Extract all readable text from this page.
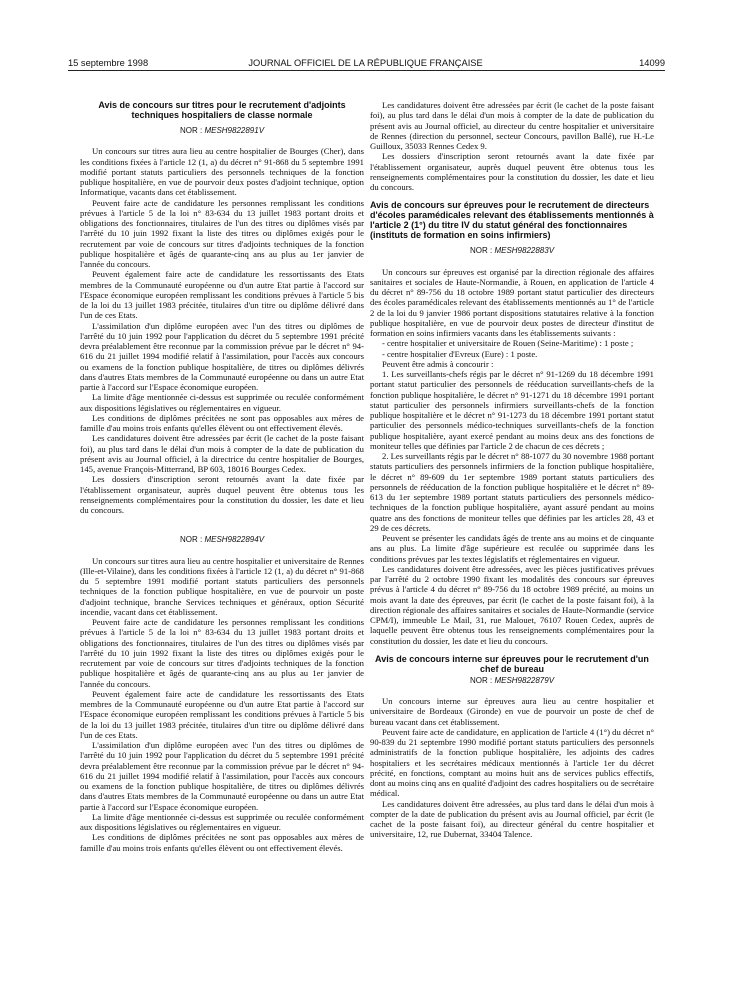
15 septembre 1998	JOURNAL OFFICIEL DE LA RÉPUBLIQUE FRANÇAISE	14099
Avis de concours sur titres pour le recrutement d'adjoints techniques hospitaliers de classe normale
NOR : MESH9822891V

Un concours sur titres aura lieu au centre hospitalier de Bourges (Cher), dans les conditions fixées à l'article 12 (1, a) du décret n° 91-868 du 5 septembre 1991 modifié portant statuts particuliers des personnels techniques de la fonction publique hospitalière, en vue de pourvoir deux postes d'adjoint technique, option Informatique, vacants dans cet établissement.

Peuvent faire acte de candidature les personnes remplissant les conditions prévues à l'article 5 de la loi n° 83-634 du 13 juillet 1983 portant droits et obligations des fonctionnaires, titulaires de l'un des titres ou diplômes visés par l'arrêté du 10 juin 1992 fixant la liste des titres ou diplômes exigés pour le recrutement par voie de concours sur titres d'adjoints techniques de la fonction publique hospitalière et âgés de quarante-cinq ans au plus au 1er janvier de l'année du concours.

Peuvent également faire acte de candidature les ressortissants des Etats membres de la Communauté européenne ou d'un autre Etat partie à l'accord sur l'Espace économique européen remplissant les conditions prévues à l'article 5 bis de la loi du 13 juillet 1983 précitée, titulaires d'un titre ou diplôme délivré dans l'un de ces Etats.

L'assimilation d'un diplôme européen avec l'un des titres ou diplômes de l'arrêté du 10 juin 1992 pour l'application du décret du 5 septembre 1991 précité devra préalablement être reconnue par la commission prévue par le décret n° 94-616 du 21 juillet 1994 modifié relatif à l'assimilation, pour l'accès aux concours ou examens de la fonction publique hospitalière, de titres ou diplômes délivrés dans d'autres Etats membres de la Communauté européenne ou dans un autre Etat partie à l'accord sur l'Espace économique européen.

La limite d'âge mentionnée ci-dessus est supprimée ou reculée conformément aux dispositions législatives ou réglementaires en vigueur.

Les conditions de diplômes précitées ne sont pas opposables aux mères de famille d'au moins trois enfants qu'elles élèvent ou ont effectivement élevés.

Les candidatures doivent être adressées par écrit (le cachet de la poste faisant foi), au plus tard dans le délai d'un mois à compter de la date de publication du présent avis au Journal officiel, à la directrice du centre hospitalier de Bourges, 145, avenue François-Mitterrand, BP 603, 18016 Bourges Cedex.

Les dossiers d'inscription seront retournés avant la date fixée par l'établissement organisateur, auprès duquel peuvent être obtenus tous les renseignements complémentaires pour la constitution du dossier, les date et lieu du concours.

NOR : MESH9822894V

Un concours sur titres aura lieu au centre hospitalier et universitaire de Rennes (Ille-et-Vilaine), dans les conditions fixées à l'article 12 (1, a) du décret n° 91-868 du 5 septembre 1991 modifié portant statuts particuliers des personnels techniques de la fonction publique hospitalière, en vue de pourvoir un poste d'adjoint technique, branche Services techniques et généraux, option Sécurité incendie, vacant dans cet établissement.

Peuvent faire acte de candidature les personnes remplissant les conditions prévues à l'article 5 de la loi n° 83-634 du 13 juillet 1983 portant droits et obligations des fonctionnaires, titulaires de l'un des titres ou diplômes visés par l'arrêté du 10 juin 1992 fixant la liste des titres ou diplômes exigés pour le recrutement par voie de concours sur titres d'adjoints techniques de la fonction publique hospitalière et âgés de quarante-cinq ans au plus au 1er janvier de l'année du concours.

Peuvent également faire acte de candidature les ressortissants des Etats membres de la Communauté européenne ou d'un autre Etat partie à l'accord sur l'Espace économique européen remplissant les conditions prévues à l'article 5 bis de la loi du 13 juillet 1983 précitée, titulaires d'un titre ou diplôme délivré dans l'un de ces Etats.

L'assimilation d'un diplôme européen avec l'un des titres ou diplômes de l'arrêté du 10 juin 1992 pour l'application du décret du 5 septembre 1991 précité devra préalablement être reconnue par la commission prévue par le décret n° 94-616 du 21 juillet 1994 modifié relatif à l'assimilation, pour l'accès aux concours ou examens de la fonction publique hospitalière, de titres ou diplômes délivrés dans d'autres Etats membres de la Communauté européenne ou dans un autre Etat partie à l'accord sur l'Espace économique européen.

La limite d'âge mentionnée ci-dessus est supprimée ou reculée conformément aux dispositions législatives ou réglementaires en vigueur.

Les conditions de diplômes précitées ne sont pas opposables aux mères de famille d'au moins trois enfants qu'elles élèvent ou ont effectivement élevés.

Les candidatures doivent être adressées par écrit (le cachet de la poste faisant foi), au plus tard dans le délai d'un mois à compter de la date de publication du présent avis au Journal officiel, au directeur du centre hospitalier et universitaire de Rennes (direction du personnel, secteur Concours, pavillon Ballé), rue H.-Le Guilloux, 35033 Rennes Cedex 9.

Les dossiers d'inscription seront retournés avant la date fixée par l'établissement organisateur, auprès duquel peuvent être obtenus tous les renseignements complémentaires pour la constitution du dossier, les date et lieu du concours.

Avis de concours sur épreuves pour le recrutement de directeurs d'écoles paramédicales relevant des établissements mentionnés à l'article 2 (1°) du titre IV du statut général des fonctionnaires (instituts de formation en soins infirmiers)
NOR : MESH9822883V

Un concours sur épreuves est organisé par la direction régionale des affaires sanitaires et sociales de Haute-Normandie, à Rouen, en application de l'article 4 du décret n° 89-756 du 18 octobre 1989 portant statut particulier des directeurs des écoles paramédicales relevant des établissements mentionnés au 1° de l'article 2 de la loi du 9 janvier 1986 portant dispositions statutaires relative à la fonction publique hospitalière, en vue de pourvoir deux postes de directeur d'institut de formation en soins infirmiers vacants dans les établissements suivants :

- centre hospitalier et universitaire de Rouen (Seine-Maritime) : 1 poste ;

- centre hospitalier d'Evreux (Eure) : 1 poste.

Peuvent être admis à concourir :

1. Les surveillants-chefs régis par le décret n° 91-1269 du 18 décembre 1991 portant statut particulier des personnels de rééducation surveillants-chefs de la fonction publique hospitalière, le décret n° 91-1271 du 18 décembre 1991 portant statut particulier des personnels infirmiers surveillants-chefs de la fonction publique hospitalière et le décret n° 91-1273 du 18 décembre 1991 portant statut particulier des personnels médico-techniques surveillants-chefs de la fonction publique hospitalière, ayant exercé pendant au moins deux ans des fonctions de moniteur telles que définies par l'article 2 de chacun de ces décrets ;

2. Les surveillants régis par le décret n° 88-1077 du 30 novembre 1988 portant statuts particuliers des personnels infirmiers de la fonction publique hospitalière, le décret n° 89-609 du 1er septembre 1989 portant statuts particuliers des personnels de rééducation de la fonction publique hospitalière et le décret n° 89-613 du 1er septembre 1989 portant statuts particuliers des personnels médico-techniques de la fonction publique hospitalière, ayant assuré pendant au moins quatre ans des fonctions de moniteur telles que définies par les articles 28, 43 et 29 de ces décrets.

Peuvent se présenter les candidats âgés de trente ans au moins et de cinquante ans au plus. La limite d'âge supérieure est reculée ou supprimée dans les conditions prévues par les textes législatifs et réglementaires en vigueur.

Les candidatures doivent être adressées, avec les pièces justificatives prévues par l'arrêté du 2 octobre 1990 fixant les modalités des concours sur épreuves prévus à l'article 4 du décret n° 89-756 du 18 octobre 1989 précité, au moins un mois avant la date des épreuves, par écrit (le cachet de la poste faisant foi), à la direction régionale des affaires sanitaires et sociales de Haute-Normandie (service CPM/I), immeuble Le Mail, 31, rue Malouet, 76107 Rouen Cedex, auprès de laquelle peuvent être obtenus tous les renseignements complémentaires pour la constitution du dossier, les date et lieu du concours.

Avis de concours interne sur épreuves pour le recrutement d'un chef de bureau
NOR : MESH9822879V

Un concours interne sur épreuves aura lieu au centre hospitalier et universitaire de Bordeaux (Gironde) en vue de pourvoir un poste de chef de bureau vacant dans cet établissement.

Peuvent faire acte de candidature, en application de l'article 4 (1°) du décret n° 90-839 du 21 septembre 1990 modifié portant statuts particuliers des personnels administratifs de la fonction publique hospitalière, les adjoints des cadres hospitaliers et les secrétaires médicaux mentionnés à l'article 1er du décret précité, en fonctions, comptant au moins huit ans de services publics effectifs, dont au moins cinq ans en qualité d'adjoint des cadres hospitaliers ou de secrétaire médical.

Les candidatures doivent être adressées, au plus tard dans le délai d'un mois à compter de la date de publication du présent avis au Journal officiel, par écrit (le cachet de la poste faisant foi), au directeur général du centre hospitalier et universitaire, 12, rue Dubernat, 33404 Talence.
